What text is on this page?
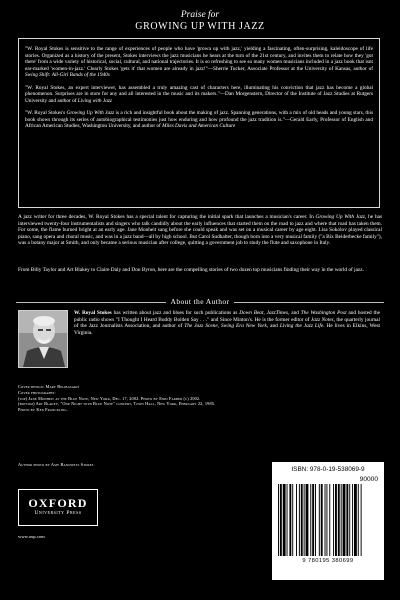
Praise for
GROWING UP WITH JAZZ

"W. Royal Stokes is sensitive to the range of experiences of people who have 'grown up with jazz,' yielding a fascinating, often-surprising, kaleidoscope of life stories. Organized as a history of the present, Stokes interviews the jazz musicians he hears at the turn of the 21st century, and invites them to relate how they 'got there' from a wide variety of historical, social, cultural, and national trajectories. It is so refreshing to see so many women musicians included in a jazz book that isnt ear-marked 'women-in-jazz.' Clearly Stokes 'gets it' that women are already in jazz!"—Sherrie Tucker, Associate Professor at the University of Kansas, author of Swing Shift: All-Girl Bands of the 1940s

"W. Royal Stokes, an expert interviewer, has assembled a truly amazing cast of characters here, illuminating his conviction that jazz has become a global phenomenon. Surprises are in store for any and all interested in the music and its makers."—Dan Morgenstern, Director of the Institute of Jazz Studies at Rutgers University and author of Living with Jazz

"W. Royal Stokes's Growing Up With Jazz is a rich and insightful book about the making of jazz. Spanning generations, with a mix of old heads and young stars, this book shows through its series of autobiographical testimonies just how enduring and how profound the jazz tradition is."—Gerald Early, Professor of English and African American Studies, Washington University, and author of Miles Davis and American Culture

A jazz writer for three decades, W. Royal Stokes has a special talent for capturing the initial spark that launches a musician's career. In Growing Up With Jazz, he has interviewed twenty-four instrumentalists and singers who talk candidly about the early influences that started them on the road to jazz and where that road has taken them. For some, the flame burned bright at an early age. Jane Monheit sang before she could speak and was set on a musical career by age eight. Lisa Sokolov played classical piano, sang opera and choral music, and was in a jazz band—all by high school. But Carol Sudhalter, though born into a very musical family ("a Bix Beiderbecke family"), was a botany major at Smith, and only became a serious musician after college, quitting a government job to study the flute and saxophone in Italy.

From Billy Taylor and Art Blakey to Claire Daly and Don Byron, here are the compelling stories of two dozen top musicians finding their way in the world of jazz.

About the Author

W. Royal Stokes has written about jazz and blues for such publications as Down Beat, JazzTimes, and The Washington Post and hosted the public radio shows "I Thought I Heard Buddy Bolden Say . . ." and Since Minton's. He is the former editor of Jazz Notes, the quarterly journal of the Jazz Journalists Association, and author of The Jazz Scene, Swing Era New York, and Living the Jazz Life. He lives in Elkins, West Virginia.

Cover design: Mary Belibasakis
Cover photographs:
(top) Jane Monheit at the Blue Note, New York, Dec. 17, 2002. Photo by Enid Farber (c) 2002.
(bottom) Art Blakey, "One Night with Blue Note" concert, Town Hall, New York, February 22, 1985.
Photo by Ken Franckling.
Author photo by Amy Banowetz Stokes
OXFORD
University Press
www.oup.com
ISBN: 978-0-19-538069-9
90000
9 780195 380699
